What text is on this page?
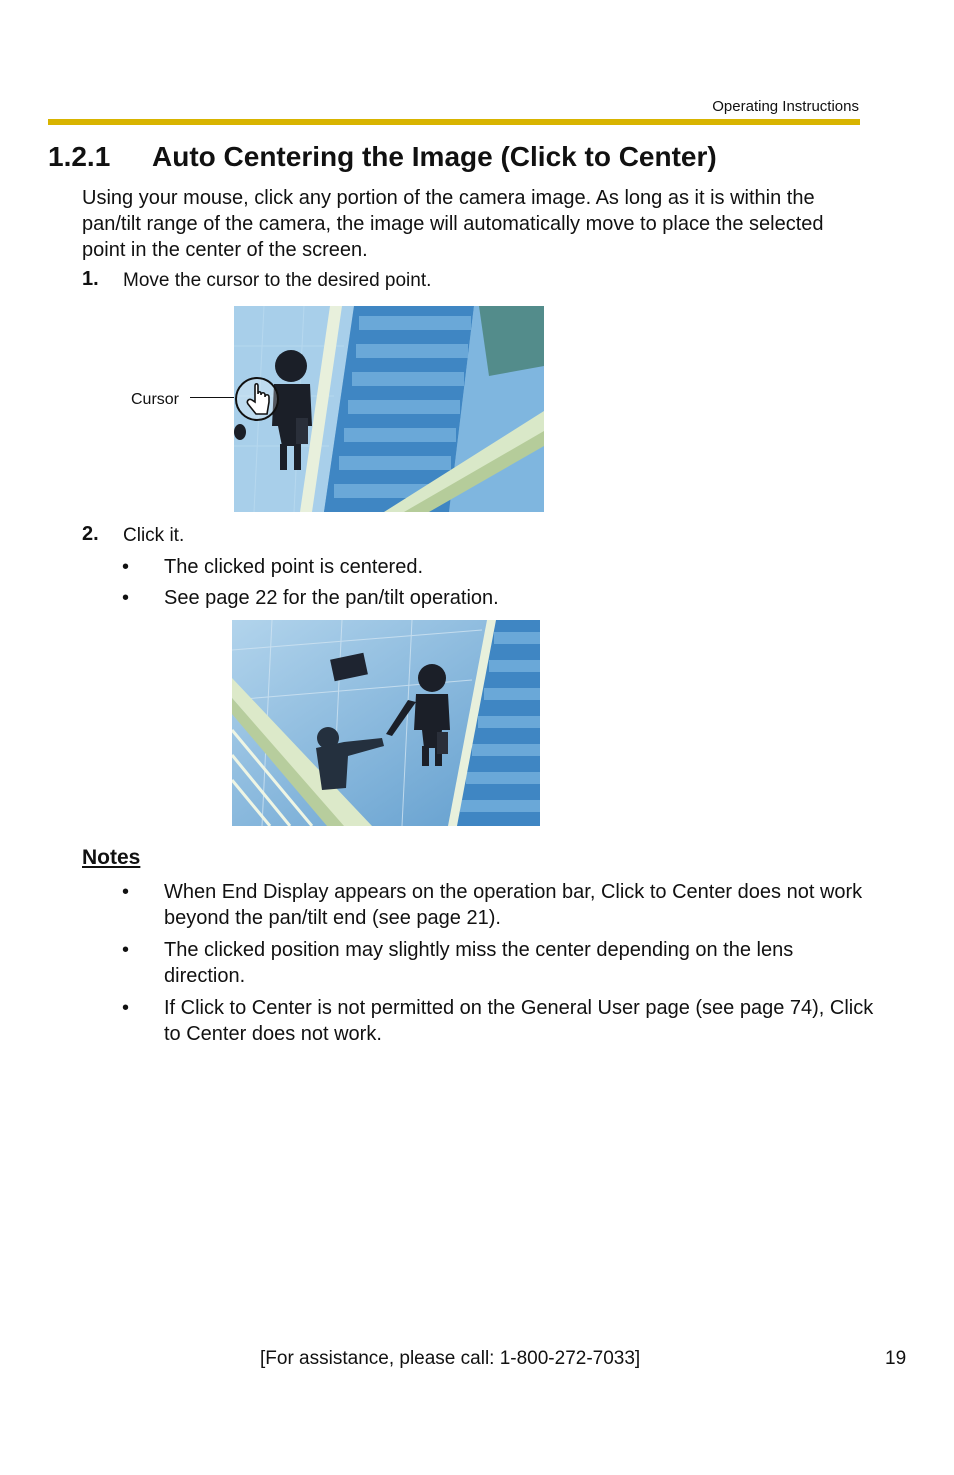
Operating Instructions
1.2.1 Auto Centering the Image (Click to Center)
Using your mouse, click any portion of the camera image. As long as it is within the pan/tilt range of the camera, the image will automatically move to place the selected point in the center of the screen.
1. Move the cursor to the desired point.
Cursor
2. Click it.
• The clicked point is centered.
• See page 22 for the pan/tilt operation.
Notes
• When End Display appears on the operation bar, Click to Center does not work beyond the pan/tilt end (see page 21).
• The clicked position may slightly miss the center depending on the lens direction.
• If Click to Center is not permitted on the General User page (see page 74), Click to Center does not work.
[For assistance, please call: 1-800-272-7033]	19
